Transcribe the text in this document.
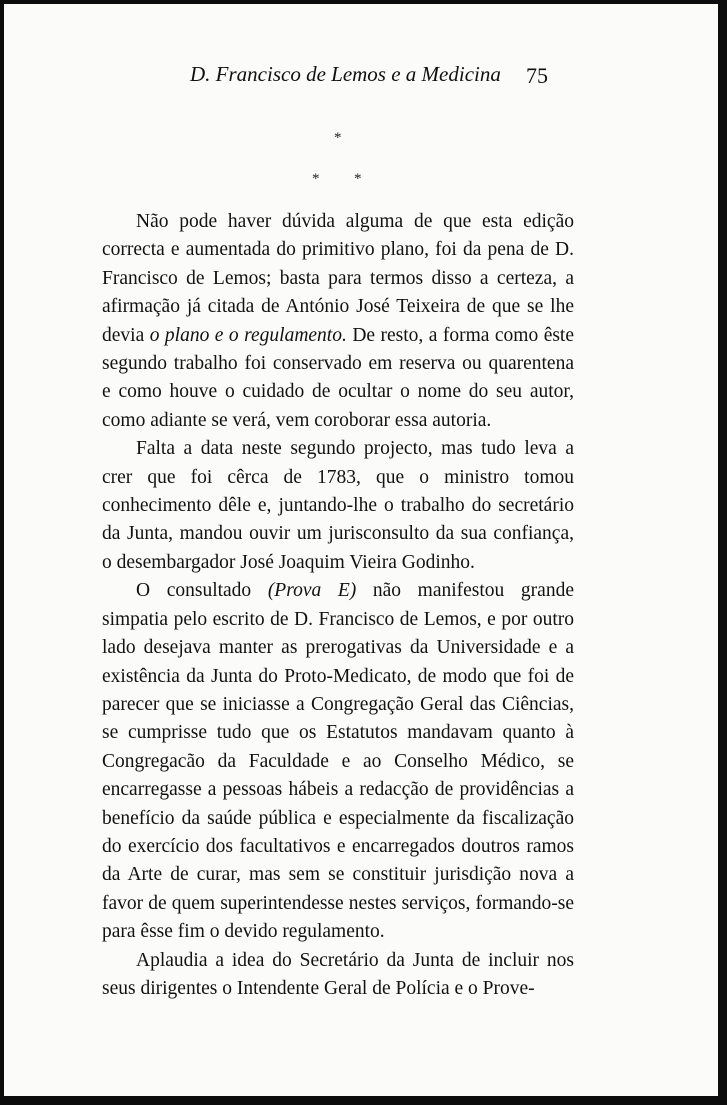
D. Francisco de Lemos e a Medicina 75
*
* *

Não pode haver dúvida alguma de que esta edição correcta e aumentada do primitivo plano, foi da pena de D. Francisco de Lemos; basta para termos disso a certeza, a afirmação já citada de António José Teixeira de que se lhe devia o plano e o regulamento. De resto, a forma como êste segundo trabalho foi conservado em reserva ou quarentena e como houve o cuidado de ocultar o nome do seu autor, como adiante se verá, vem coroborar essa autoria.

Falta a data neste segundo projecto, mas tudo leva a crer que foi cêrca de 1783, que o ministro tomou conhecimento dêle e, juntando-lhe o trabalho do secretário da Junta, mandou ouvir um jurisconsulto da sua confiança, o desembargador José Joaquim Vieira Godinho.

O consultado (Prova E) não manifestou grande simpatia pelo escrito de D. Francisco de Lemos, e por outro lado desejava manter as prerogativas da Universidade e a existência da Junta do Proto-Medicato, de modo que foi de parecer que se iniciasse a Congregação Geral das Ciências, se cumprisse tudo que os Estatutos mandavam quanto à Congregacão da Faculdade e ao Conselho Médico, se encarregasse a pessoas hábeis a redacção de providências a benefício da saúde pública e especialmente da fiscalização do exercício dos facultativos e encarregados doutros ramos da Arte de curar, mas sem se constituir jurisdição nova a favor de quem superintendesse nestes serviços, formando-se para êsse fim o devido regulamento.

Aplaudia a idea do Secretário da Junta de incluir nos seus dirigentes o Intendente Geral de Polícia e o Prove-
